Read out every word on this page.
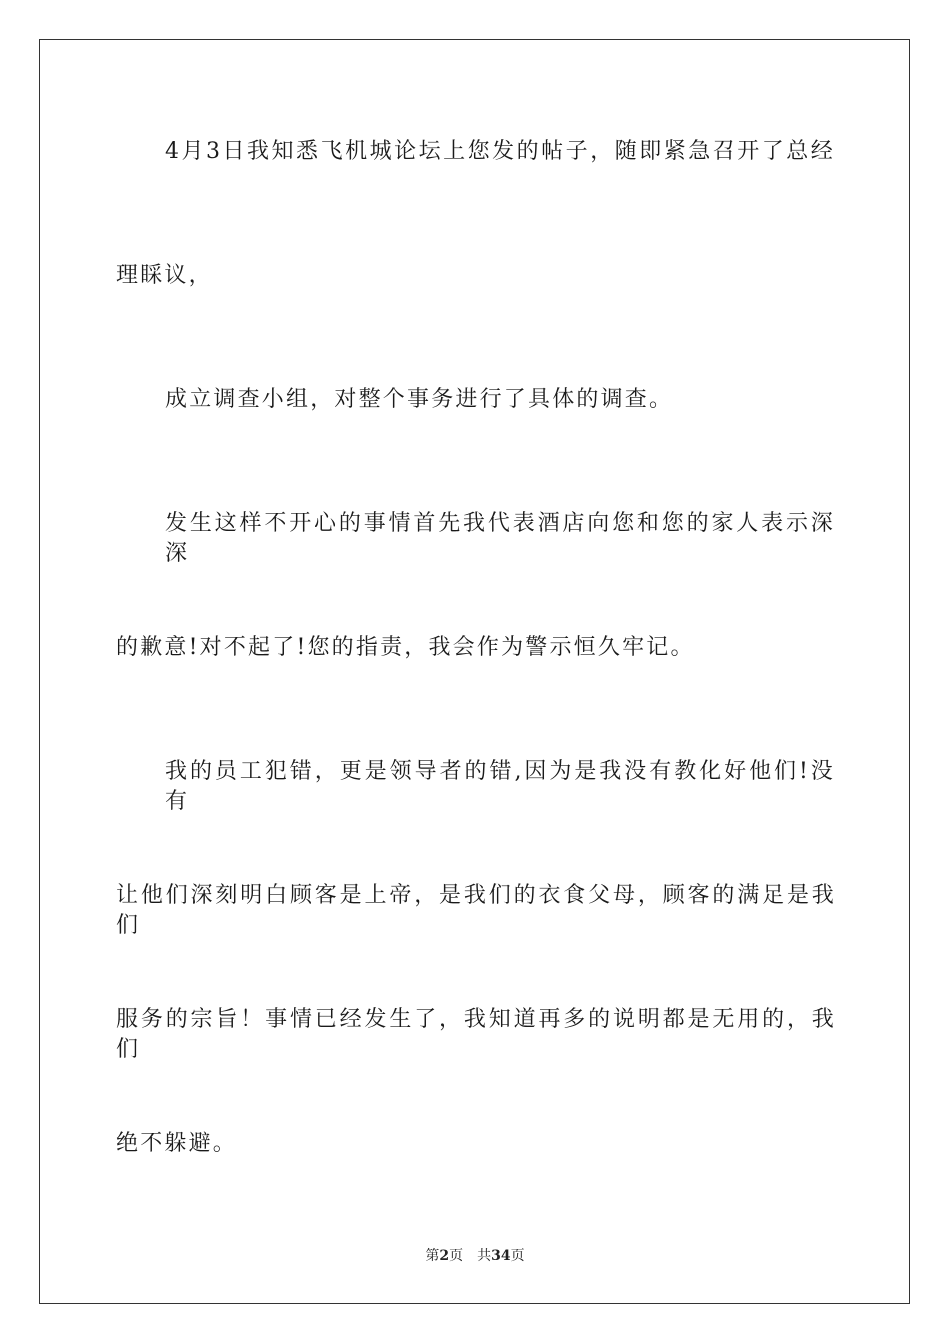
4月3日我知悉飞机城论坛上您发的帖子，随即紧急召开了总经
理睬议，
成立调查小组，对整个事务进行了具体的调查。
发生这样不开心的事情首先我代表酒店向您和您的家人表示深深
的歉意!对不起了!您的指责，我会作为警示恒久牢记。
我的员工犯错，更是领导者的错,因为是我没有教化好他们!没有
让他们深刻明白顾客是上帝，是我们的衣食父母，顾客的满足是我们
服务的宗旨！事情已经发生了，我知道再多的说明都是无用的，我们
绝不躲避。
第2页 共34页
